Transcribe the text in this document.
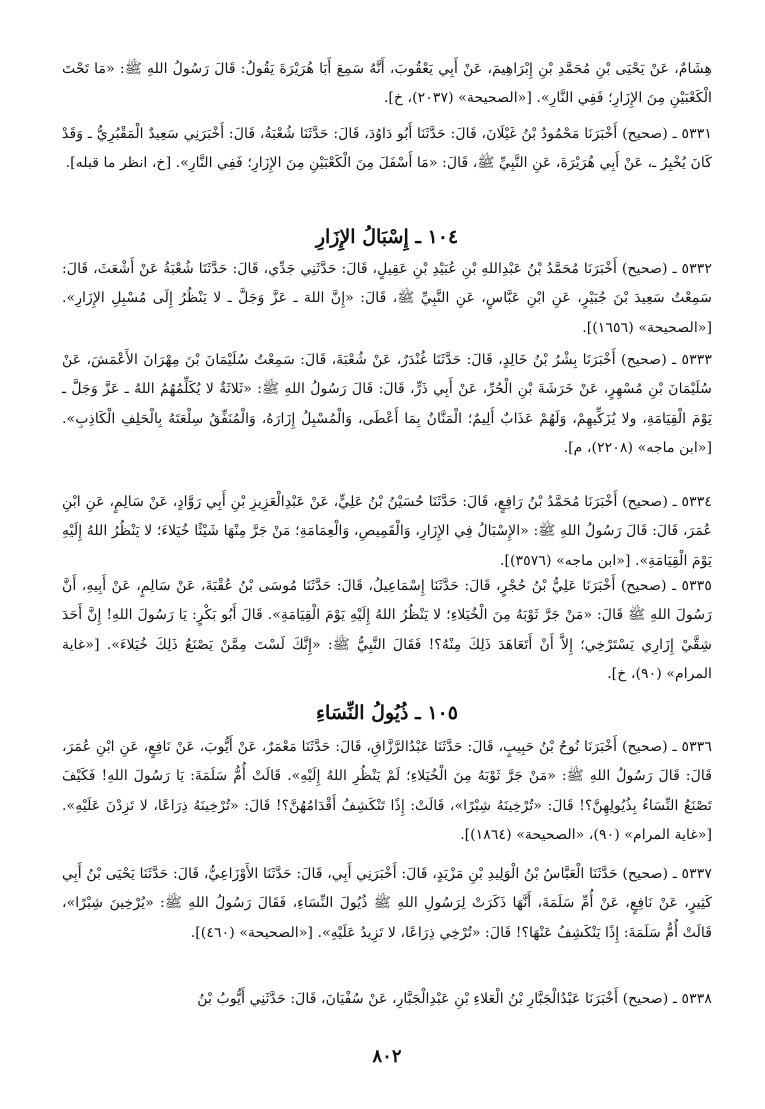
هِشَامٌ، عَنْ يَحْيَى بْنِ مُحَمَّدِ بْنِ إِبْرَاهِيمَ، عَنْ أَبِي يَعْقُوبَ، أَنَّهُ سَمِعَ أَبَا هُرَيْرَةَ يَقُولُ: قَالَ رَسُولُ اللهِ ﷺ: «مَا تَحْتَ الْكَعْبَيْنِ مِنَ الإِزَارِ؛ فَفِي النَّارِ». [«الصحيحة» (٢٠٣٧)، خ].

٥٣٣١ ـ (صحيح) أَخْبَرَنَا مَحْمُودُ بْنُ غَيْلَانَ، قَالَ: حَدَّثَنَا أَبُو دَاوُدَ، قَالَ: حَدَّثَنَا شُعْبَةُ، قَالَ: أَخْبَرَنِي سَعِيدٌ الْمَقْبُرِيُّ ـ وَقَدْ كَانَ يُخْبِرُ ـ، عَنْ أَبِي هُرَيْرَةَ، عَنِ النَّبِيِّ ﷺ، قَالَ: «مَا أَسْفَلَ مِنَ الْكَعْبَيْنِ مِنَ الإِزَارِ؛ فَفِي النَّارِ». [خ، انظر ما قبله].

١٠٤ ـ إِسْبَالُ الإِزَارِ

٥٣٣٢ ـ (صحيح) أَخْبَرَنَا مُحَمَّدُ بْنُ عَبْدِاللهِ بْنِ عُبَيْدِ بْنِ عَقِيلٍ، قَالَ: حَدَّثَنِي جَدِّي، قَالَ: حَدَّثَنَا شُعْبَةُ عَنْ أَشْعَثَ، قَالَ: سَمِعْتُ سَعِيدَ بْنَ جُبَيْرٍ، عَنِ ابْنِ عَبَّاسٍ، عَنِ النَّبِيِّ ﷺ، قَالَ: «إِنَّ اللهَ ـ عَزَّ وَجَلَّ ـ لا يَنْظُرُ إِلَى مُسْبِلِ الإِزَارِ». [«الصحيحة» (١٦٥٦)].

٥٣٣٣ ـ (صحيح) أَخْبَرَنَا بِشْرُ بْنُ خَالِدٍ، قَالَ: حَدَّثَنَا غُنْدَرٌ، عَنْ شُعْبَةَ، قَالَ: سَمِعْتُ سُلَيْمَانَ بْنَ مِهْرَانَ الأَعْمَشَ، عَنْ سُلَيْمَانَ بْنِ مُسْهِرٍ، عَنْ خَرَشَةَ بْنِ الْحُرِّ، عَنْ أَبِي ذَرٍّ، قَالَ: قَالَ رَسُولُ اللهِ ﷺ: «ثَلاثَةٌ لا يُكَلِّمُهُمُ اللهُ ـ عَزَّ وَجَلَّ ـ يَوْمَ الْقِيَامَةِ، ولا يُزَكِّيهِمْ، وَلَهُمْ عَذَابٌ أَلِيمٌ؛ الْمَنَّانُ بِمَا أَعْطَى، وَالْمُسْبِلُ إِزَارَهُ، وَالْمُنَفِّقُ سِلْعَتَهُ بِالْحَلِفِ الْكَاذِبِ». [«ابن ماجه» (٢٢٠٨)، م].

٥٣٣٤ ـ (صحيح) أَخْبَرَنَا مُحَمَّدُ بْنُ رَافِعٍ، قَالَ: حَدَّثَنَا حُسَيْنُ بْنُ عَلِيٍّ، عَنْ عَبْدِالْعَزِيزِ بْنِ أَبِي رَوَّادٍ، عَنْ سَالِمٍ، عَنِ ابْنِ عُمَرَ، قَالَ: قَالَ رَسُولُ اللهِ ﷺ: «الإِسْبَالُ فِي الإِزَارِ، وَالْقَمِيصِ، وَالْعِمَامَةِ؛ مَنْ جَرَّ مِنْهَا شَيْئًا خُيَلاءَ؛ لا يَنْظُرُ اللهُ إِلَيْهِ يَوْمَ الْقِيَامَةِ». [«ابن ماجه» (٣٥٧٦)].

٥٣٣٥ ـ (صحيح) أَخْبَرَنَا عَلِيُّ بْنُ حُجْرٍ، قَالَ: حَدَّثَنَا إِسْمَاعِيلُ، قَالَ: حَدَّثَنَا مُوسَى بْنُ عُقْبَةَ، عَنْ سَالِمٍ، عَنْ أَبِيهِ، أَنَّ رَسُولَ اللهِ ﷺ قَالَ: «مَنْ جَرَّ ثَوْبَهُ مِنَ الْخُيَلاءِ؛ لا يَنْظُرُ اللهُ إِلَيْهِ يَوْمَ الْقِيَامَةِ». قَالَ أَبُو بَكْرٍ: يَا رَسُولَ اللهِ! إِنَّ أَحَدَ شِقَّيْ إِزَارِي يَسْتَرْخِي؛ إِلاَّ أَنْ أَتَعَاهَدَ ذَلِكَ مِنْهُ؟! فَقَالَ النَّبِيُّ ﷺ: «إِنَّكَ لَسْتَ مِمَّنْ يَصْنَعُ ذَلِكَ خُيَلاءَ». [«غاية المرام» (٩٠)، خ].

١٠٥ ـ ذُيُولُ النِّسَاءِ

٥٣٣٦ ـ (صحيح) أَخْبَرَنَا نُوحُ بْنُ حَبِيبٍ، قَالَ: حَدَّثَنَا عَبْدُالرَّزَّاقِ، قَالَ: حَدَّثَنَا مَعْمَرٌ، عَنْ أَيُّوبَ، عَنْ نَافِعٍ، عَنِ ابْنِ عُمَرَ، قَالَ: قَالَ رَسُولُ اللهِ ﷺ: «مَنْ جَرَّ ثَوْبَهُ مِنَ الْخُيَلاءِ؛ لَمْ يَنْظُرِ اللهُ إِلَيْهِ». قَالَتْ أُمُّ سَلَمَةَ: يَا رَسُولَ اللهِ! فَكَيْفَ تَصْنَعُ النِّسَاءُ بِذُيُولِهِنَّ؟! قَالَ: «تُرْخِينَهُ شِبْرًا»، قَالَتْ: إِذًا تَنْكَشِفُ أَقْدَامُهُنَّ؟! قَالَ: «تُرْخِينَهُ ذِرَاعًا، لا تَزِدْنَ عَلَيْهِ». [«غاية المرام» (٩٠)، «الصحيحة» (١٨٦٤)].

٥٣٣٧ ـ (صحيح) حَدَّثَنَا الْعَبَّاسُ بْنُ الْوَلِيدِ بْنِ مَزْيَدٍ، قَالَ: أَخْبَرَنِي أَبِي، قَالَ: حَدَّثَنَا الأَوْزَاعِيُّ، قَالَ: حَدَّثَنَا يَحْيَى بْنُ أَبِي كَثِيرٍ، عَنْ نَافِعٍ، عَنْ أُمِّ سَلَمَةَ، أَنَّهَا ذَكَرَتْ لِرَسُولِ اللهِ ﷺ ذُيُولَ النِّسَاءِ، فَقَالَ رَسُولُ اللهِ ﷺ: «يُرْخِينَ شِبْرًا»، قَالَتْ أُمُّ سَلَمَةَ: إِذًا يَنْكَشِفُ عَنْهَا؟! قَالَ: «تُرْخِي ذِرَاعًا، لا تَزِيدُ عَلَيْهِ». [«الصحيحة» (٤٦٠)].

٥٣٣٨ ـ (صحيح) أَخْبَرَنَا عَبْدُالْجَبَّارِ بْنُ الْعَلاءِ بْنِ عَبْدِالْجَبَّارِ، عَنْ سُفْيَانَ، قَالَ: حَدَّثَنِي أَيُّوبُ بْنُ

٨٠٢
